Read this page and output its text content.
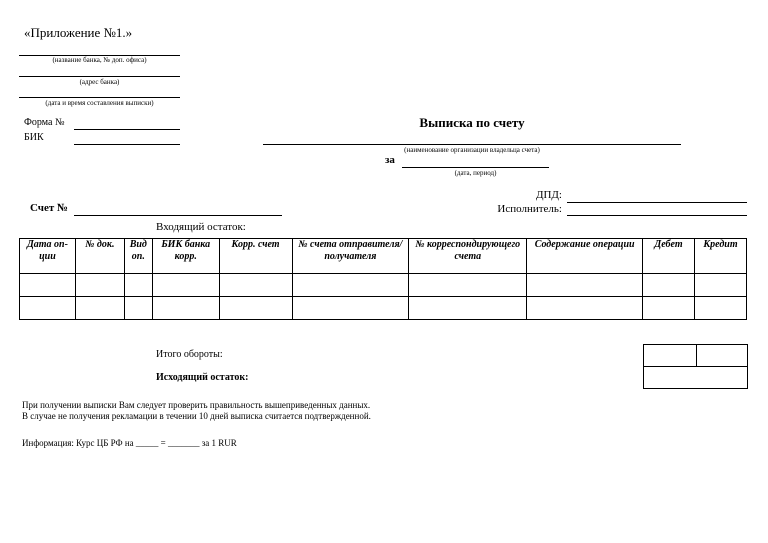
«Приложение №1.»
(название банка, № доп. офиса)
(адрес банка)
(дата и время составления выписки)
Форма №
БИК
Выписка по счету
(наименование организации владельца счета)
за
(дата, период)
ДПД:
Исполнитель:
Счет №
Входящий остаток:
Дата оп-ции	№ док.	Вид оп.	БИК банка корр.	Корр. счет	№ счета отправителя/ получателя	№ корреспондирующего счета	Содержание операции	Дебет	Кредит

Итого обороты:
Исходящий остаток:

При получении выписки Вам следует проверить правильность вышеприведенных данных.
В случае не получения рекламации в течении 10 дней выписка считается подтвержденной.
Информация: Курс ЦБ РФ на _____ = _______ за 1 RUR
